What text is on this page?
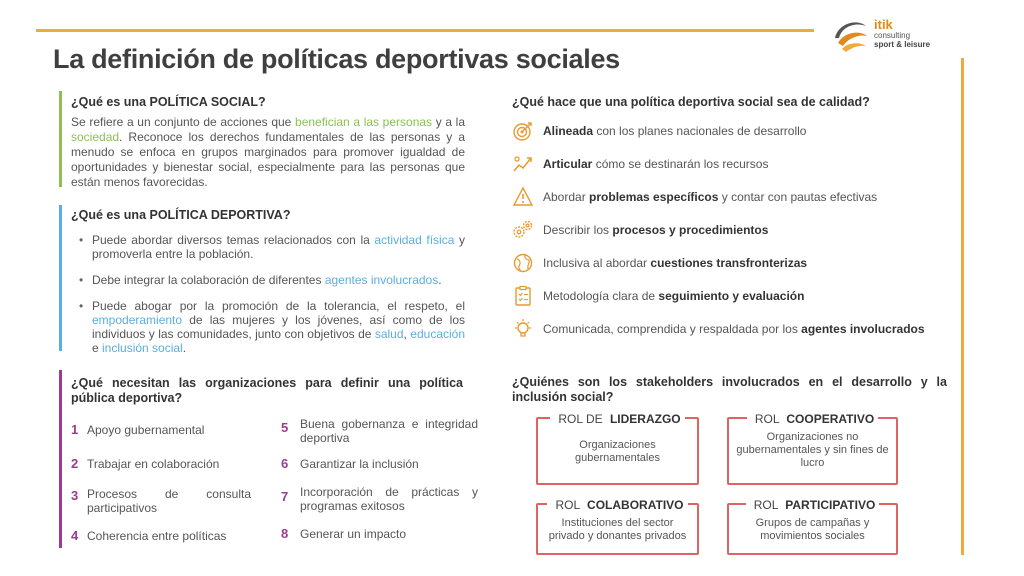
itik
consulting
sport & leisure
La definición de políticas deportivas sociales
¿Qué es una POLÍTICA SOCIAL?
Se refiere a un conjunto de acciones que benefician a las personas y a la sociedad. Reconoce los derechos fundamentales de las personas y a menudo se enfoca en grupos marginados para promover igualdad de oportunidades y bienestar social, especialmente para las personas que están menos favorecidas.
¿Qué es una POLÍTICA DEPORTIVA?
• Puede abordar diversos temas relacionados con la actividad física y promoverla entre la población.
• Debe integrar la colaboración de diferentes agentes involucrados.
• Puede abogar por la promoción de la tolerancia, el respeto, el empoderamiento de las mujeres y los jóvenes, así como de los individuos y las comunidades, junto con objetivos de salud, educación e inclusión social.
¿Qué necesitan las organizaciones para definir una política pública deportiva?
1 Apoyo gubernamental
2 Trabajar en colaboración
3 Procesos de consulta participativos
4 Coherencia entre políticas
5 Buena gobernanza e integridad deportiva
6 Garantizar la inclusión
7 Incorporación de prácticas y programas exitosos
8 Generar un impacto
¿Qué hace que una política deportiva social sea de calidad?
Alineada con los planes nacionales de desarrollo
Articular cómo se destinarán los recursos
Abordar problemas específicos y contar con pautas efectivas
Describir los procesos y procedimientos
Inclusiva al abordar cuestiones transfronterizas
Metodología clara de seguimiento y evaluación
Comunicada, comprendida y respaldada por los agentes involucrados
¿Quiénes son los stakeholders involucrados en el desarrollo y la inclusión social?
ROL DE LIDERAZGO
Organizaciones gubernamentales
ROL COOPERATIVO
Organizaciones no gubernamentales y sin fines de lucro
ROL COLABORATIVO
Instituciones del sector privado y donantes privados
ROL PARTICIPATIVO
Grupos de campañas y movimientos sociales
